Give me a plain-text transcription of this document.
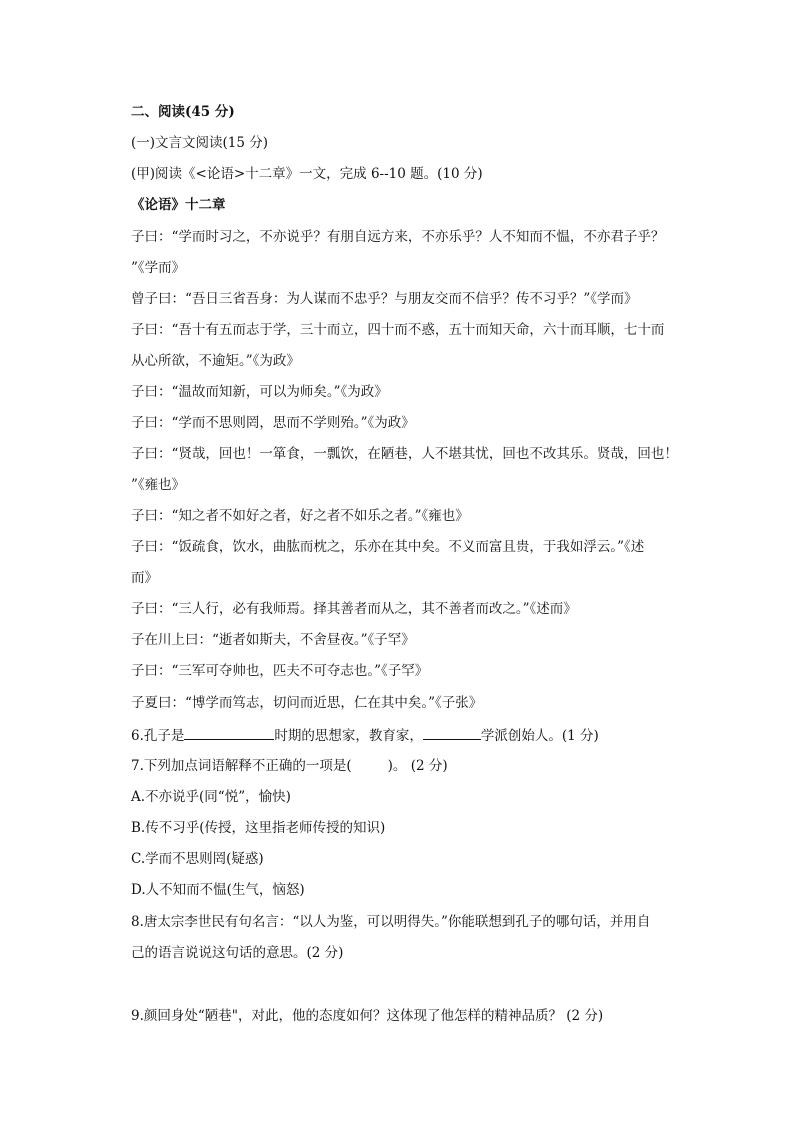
二、阅读(45 分)
(一)文言文阅读(15 分)
(甲)阅读《<论语>十二章》一文，完成 6--10 题。(10 分)
《论语》十二章
子曰：“学而时习之，不亦说乎？有朋自远方来，不亦乐乎？人不知而不愠，不亦君子乎？
”《学而》
曾子曰：“吾日三省吾身：为人谋而不忠乎？与朋友交而不信乎？传不习乎？”《学而》
子曰：“吾十有五而志于学，三十而立，四十而不惑，五十而知天命，六十而耳顺，七十而
从心所欲，不逾矩。”《为政》
子曰：“温故而知新，可以为师矣。”《为政》
子曰：“学而不思则罔，思而不学则殆。”《为政》
子曰：“贤哉，回也！一箪食，一瓢饮，在陋巷，人不堪其忧，回也不改其乐。贤哉，回也！
”《雍也》
子曰：“知之者不如好之者，好之者不如乐之者。”《雍也》
子曰：“饭疏食，饮水，曲肱而枕之，乐亦在其中矣。不义而富且贵，于我如浮云。”《述
而》
子曰：“三人行，必有我师焉。择其善者而从之，其不善者而改之。”《述而》
子在川上曰：“逝者如斯夫，不舍昼夜。”《子罕》
子曰：“三军可夺帅也，匹夫不可夺志也。”《子罕》
子夏曰：“博学而笃志，切问而近思，仁在其中矣。”《子张》
6.孔子是	时期的思想家，教育家，	学派创始人。(1 分)
7.下列加点词语解释不正确的一项是(	)。 (2 分)
A.不亦说乎(同“悦”，愉快)
B.传不习乎(传授，这里指老师传授的知识)
C.学而不思则罔(疑惑)
D.人不知而不愠(生气，恼怒)
8.唐太宗李世民有句名言：“以人为鉴，可以明得失。”你能联想到孔子的哪句话，并用自
己的语言说说这句话的意思。(2 分)
9.颜回身处“陋巷"，对此，他的态度如何？这体现了他怎样的精神品质？ (2 分)
